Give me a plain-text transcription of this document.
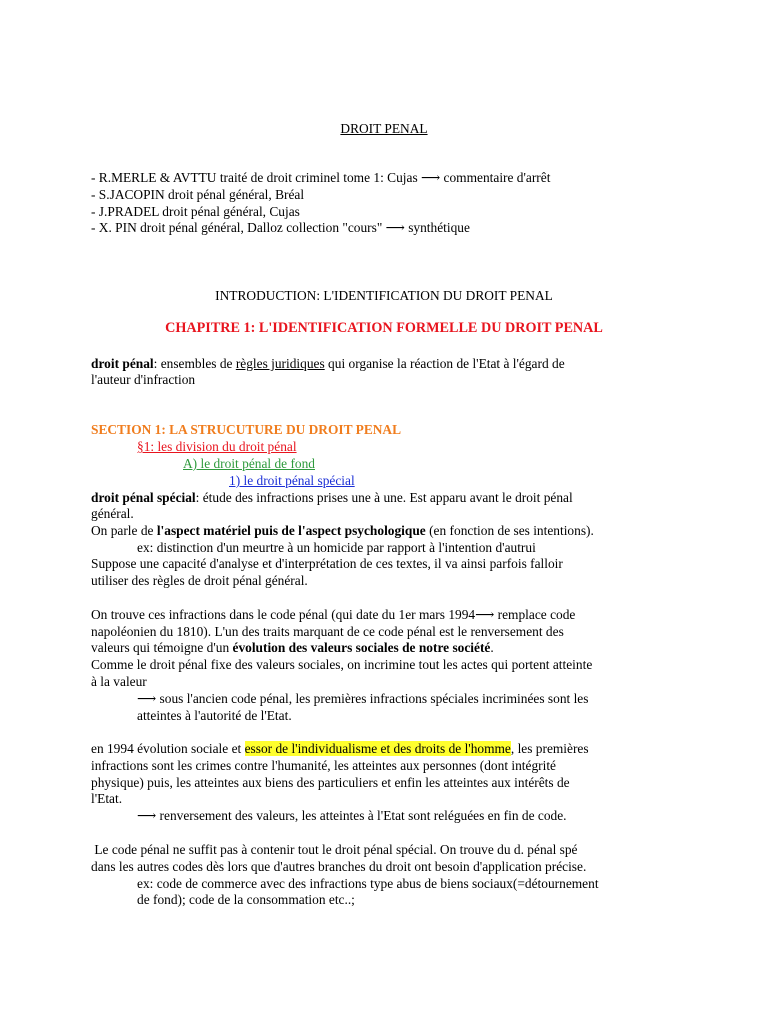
DROIT PENAL
- R.MERLE & AVTTU traité de droit criminel tome 1: Cujas ⟶ commentaire d'arrêt
- S.JACOPIN droit pénal général, Bréal
- J.PRADEL droit pénal général, Cujas
- X. PIN droit pénal général, Dalloz collection "cours" ⟶ synthétique
INTRODUCTION: L'IDENTIFICATION DU DROIT PENAL
CHAPITRE 1: L'IDENTIFICATION FORMELLE DU DROIT PENAL
droit pénal: ensembles de règles juridiques qui organise la réaction de l'Etat à l'égard de
l'auteur d'infraction
SECTION 1: LA STRUCUTURE DU DROIT PENAL
§1: les division du droit pénal
A) le droit pénal de fond
1) le droit pénal spécial
droit pénal spécial: étude des infractions prises une à une. Est apparu avant le droit pénal
général.
On parle de l'aspect matériel puis de l'aspect psychologique (en fonction de ses intentions).
ex: distinction d'un meurtre à un homicide par rapport à l'intention d'autrui
Suppose une capacité d'analyse et d'interprétation de ces textes, il va ainsi parfois falloir
utiliser des règles de droit pénal général.
On trouve ces infractions dans le code pénal (qui date du 1er mars 1994⟶ remplace code
napoléonien du 1810). L'un des traits marquant de ce code pénal est le renversement des
valeurs qui témoigne d'un évolution des valeurs sociales de notre société.
Comme le droit pénal fixe des valeurs sociales, on incrimine tout les actes qui portent atteinte
à la valeur
⟶ sous l'ancien code pénal, les premières infractions spéciales incriminées sont les
atteintes à l'autorité de l'Etat.
en 1994 évolution sociale et essor de l'individualisme et des droits de l'homme, les premières
infractions sont les crimes contre l'humanité, les atteintes aux personnes (dont intégrité
physique) puis, les atteintes aux biens des particuliers et enfin les atteintes aux intérêts de
l'Etat.
⟶ renversement des valeurs, les atteintes à l'Etat sont reléguées en fin de code.
Le code pénal ne suffit pas à contenir tout le droit pénal spécial. On trouve du d. pénal spé
dans les autres codes dès lors que d'autres branches du droit ont besoin d'application précise.
ex: code de commerce avec des infractions type abus de biens sociaux(=détournement
de fond); code de la consommation etc..;
